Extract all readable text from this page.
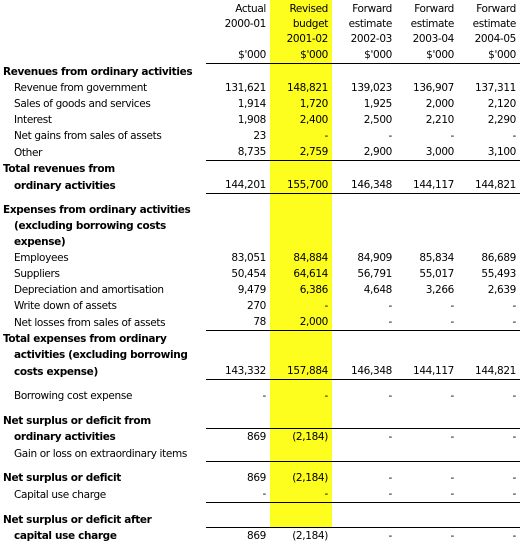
	Actual	Revised	Forward	Forward	Forward
	2000-01	budget	estimate	estimate	estimate
		2001-02	2002-03	2003-04	2004-05
	$'000	$'000	$'000	$'000	$'000
Revenues from ordinary activities					
Revenue from government	131,621	148,821	139,023	136,907	137,311
Sales of goods and services	1,914	1,720	1,925	2,000	2,120
Interest	1,908	2,400	2,500	2,210	2,290
Net gains from sales of assets	23	-	-	-	-
Other	8,735	2,759	2,900	3,000	3,100
Total revenues from					
ordinary activities	144,201	155,700	146,348	144,117	144,821

Expenses from ordinary activities					
(excluding borrowing costs					
expense)					
Employees	83,051	84,884	84,909	85,834	86,689
Suppliers	50,454	64,614	56,791	55,017	55,493
Depreciation and amortisation	9,479	6,386	4,648	3,266	2,639
Write down of assets	270	-	-	-	-
Net losses from sales of assets	78	2,000	-	-	-
Total expenses from ordinary					
activities (excluding borrowing					
costs expense)	143,332	157,884	146,348	144,117	144,821

Borrowing cost expense	-	-	-	-	-

Net surplus or deficit from					
ordinary activities	869	(2,184)	-	-	-
Gain or loss on extraordinary items					

Net surplus or deficit	869	(2,184)	-	-	-
Capital use charge	-	-	-	-	-

Net surplus or deficit after					
capital use charge	869	(2,184)	-	-	-
